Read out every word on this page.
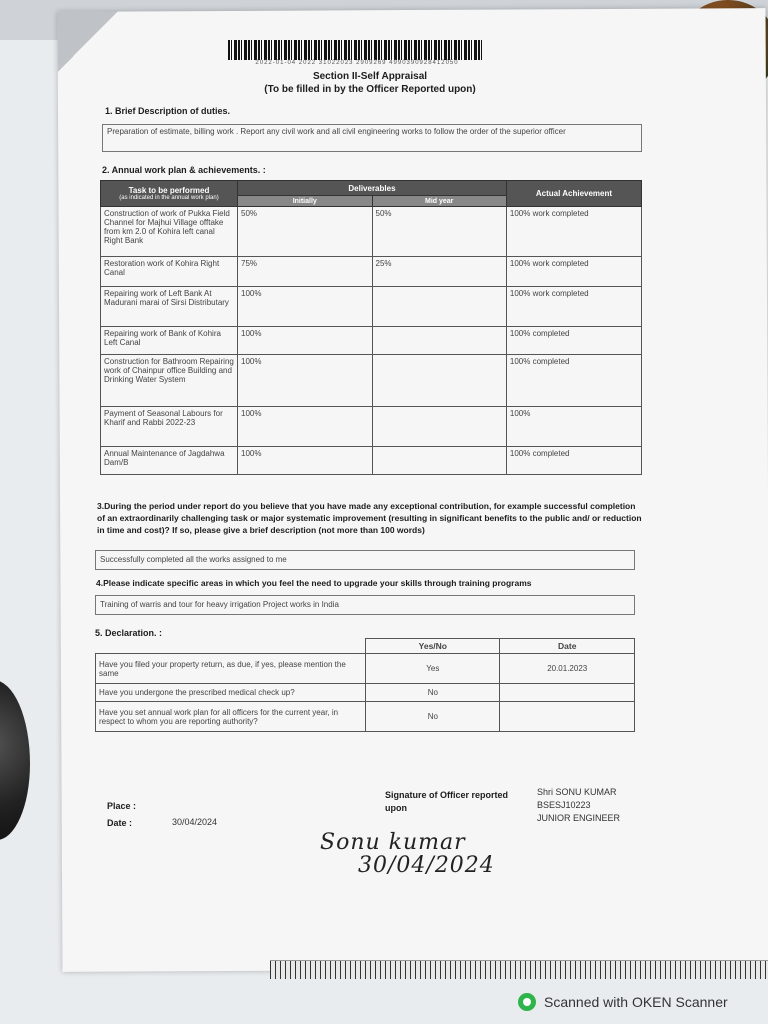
2022-01-04 2022 31022023 2909269 4990390928412050
Section II-Self Appraisal
(To be filled in by the Officer Reported upon)
1. Brief Description of duties.
Preparation of estimate, billing work . Report any civil work and all civil engineering works to follow the order of the superior officer
2. Annual work plan & achievements. :
Task to be performed
(as indicated in the annual work plan)	Deliverables		Actual Achievement
	Initially	Mid year	
Construction of work of Pukka Field Channel for Majhui Village offtake from km 2.0 of Kohira left canal Right Bank	50%	50%	100% work completed
Restoration work of Kohira Right Canal	75%	25%	100% work completed
Repairing work of Left Bank At Madurani marai of Sirsi Distributary	100%		100% work completed
Repairing work of Bank of Kohira Left Canal	100%		100% completed
Construction for Bathroom Repairing work of Chainpur office Building and Drinking Water System	100%		100% completed
Payment of Seasonal Labours for Kharif and Rabbi 2022-23	100%		100%
Annual Maintenance of Jagdahwa Dam/B	100%		100% completed
3.During the period under report do you believe that you have made any exceptional contribution, for example successful completion of an extraordinarily challenging task or major systematic improvement (resulting in significant benefits to the public and/ or reduction in time and cost)? If so, please give a brief description (not more than 100 words)
Successfully completed all the works assigned to me
4.Please indicate specific areas in which you feel the need to upgrade your skills through training programs
Training of warris and tour for heavy irrigation Project works in India
5. Declaration. :
	Yes/No	Date
Have you filed your property return, as due, if yes, please mention the same	Yes	20.01.2023
Have you undergone the prescribed medical check up?	No	
Have you set annual work plan for all officers for the current year, in respect to whom you are reporting authority?	No	
Place :
Date :	30/04/2024
Signature of Officer reported upon
Shri SONU KUMAR
BSESJ10223
JUNIOR ENGINEER
Sonu kumar
30/04/2024
Scanned with OKEN Scanner
